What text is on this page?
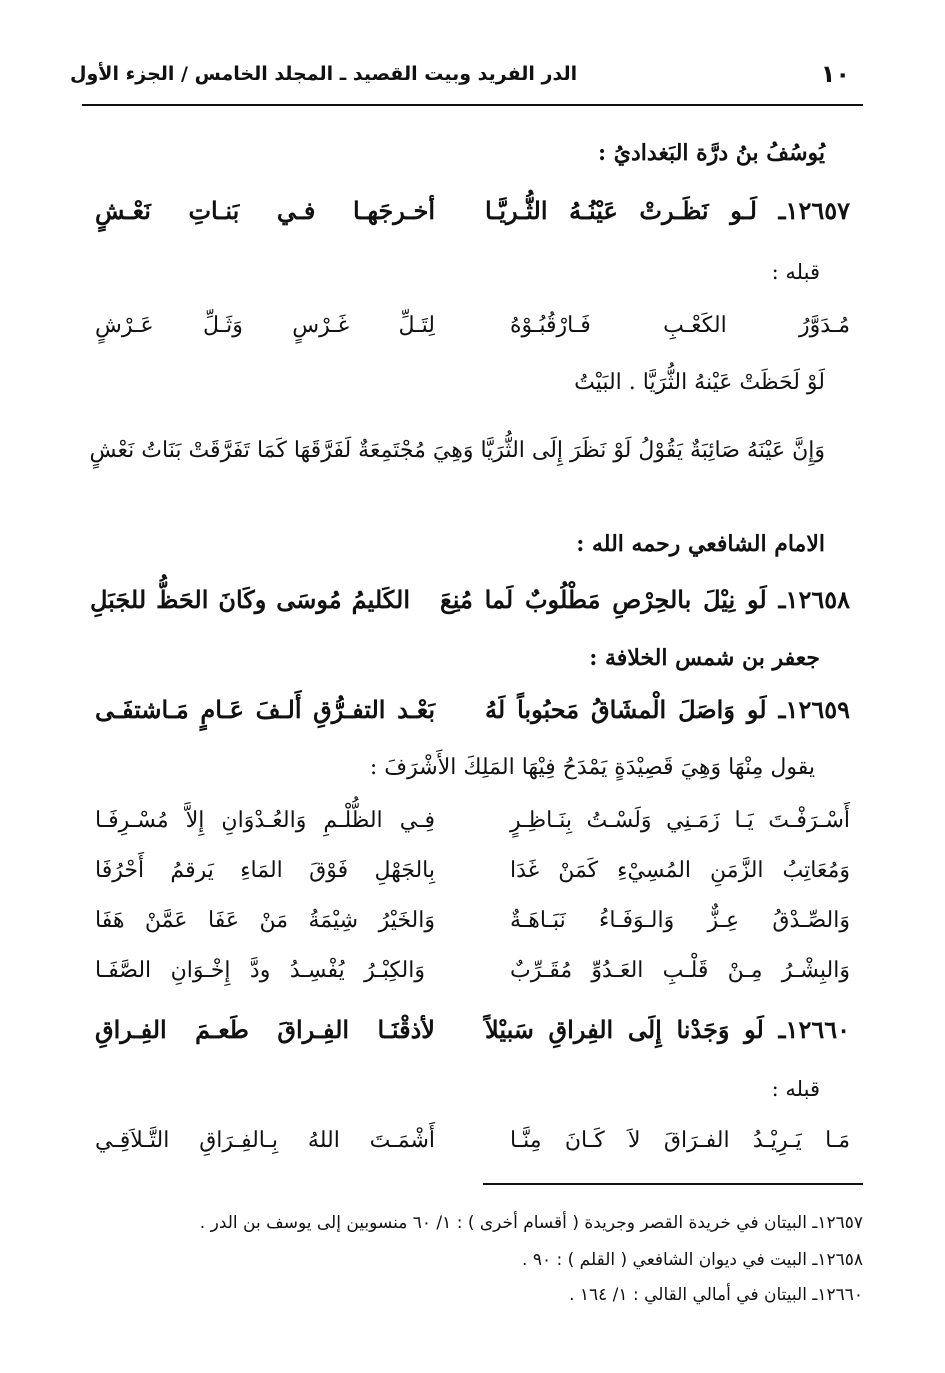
١٠
الدر الفريد وبيت القصيد ـ المجلد الخامس / الجزء الأول
يُوسُفُ بنُ درَّة البَغداديُ :
١٢٦٥٧ـ لَـو نَظَـرتْ عَيْنُـهُ الثُّـريَّـا
أخـرجَهـا فـي بَنـاتِ نَعْـشٍ
قبله :
مُـدَوَّرُ الكَعْـبِ فَـارْقُبُـوْهُ
لِتَـلِّ غَـرْسٍ وَثَـلِّ عَـرْشٍ
لَوْ لَحَظَتْ عَيْنهُ الثُّرَيَّا . البَيْتُ
وَإِنَّ عَيْنَهُ صَائِبَةٌ يَقُوْلُ لَوْ نَظَرَ إِلَى الثُّرَيَّا وَهِيَ مُجْتَمِعَةٌ لَفَرَّقَهَا كَمَا تَفَرَّقَتْ بَنَاتُ نَعْشٍ
الامام الشافعي رحمه الله :
١٢٦٥٨ـ لَو نِيْلَ بالحِرْصِ مَطْلُوبٌ لَما مُنِعَ
الكَليمُ مُوسَى وكَانَ الحَظُّ للجَبَلِ
جعفر بن شمس الخلافة :
١٢٦٥٩ـ لَو وَاصَلَ الْمشَاقُ مَحبُوباً لَهُ
بَعْـد التفـرُّقِ أَلـفَ عَـامٍ مَـاشتفَـى
يقول مِنْهَا وَهِيَ قَصِيْدَةٍ يَمْدَحُ فِيْهَا المَلِكَ الأَشْرَفَ :
أَسْـرَفْـتَ يَـا زَمَـنِي وَلَسْـتُ بِنَـاظِـرٍ
فِـي الظُّلْـمِ وَالعُـدْوَانِ إِلاَّ مُسْـرِفَـا
وَمُعَاتِبُ الزَّمَنِ المُسِيْءِ كَمَنْ غَدَا
بِالجَهْلِ فَوْقَ المَاءِ يَرقمُ أَحْرُفَا
وَالصِّـدْقُ عِـزٌّ وَالـوَفَـاءُ نَبَـاهَـةٌ
وَالخَيْرُ شِيْمَةُ مَنْ عَفَا عَمَّنْ هَفَا
وَالبِشْـرُ مِـنْ قَلْـبِ العَـدُوِّ مُقَـرِّبٌ
وَالكِبْـرُ يُفْسِـدُ ودَّ إِخْـوَانِ الصَّفَـا
١٢٦٦٠ـ لَو وَجَدْنا إِلَى الفِراقِ سَبيْلاً
لأذقْنَـا الفِـراقَ طَعـمَ الفِـراقِ
قبله :
مَـا يَـرِيْـدُ الفـرَاقَ لاَ كَـانَ مِنَّـا
أَشْمَـتَ اللهُ بِـالفِـرَاقِ التَّـلاَقِـي
١٢٦٥٧ـ البيتان في خريدة القصر وجريدة ( أقسام أخرى ) : ١/ ٦٠ منسوبين إلى يوسف بن الدر .
١٢٦٥٨ـ البيت في ديوان الشافعي ( القلم ) : ٩٠ .
١٢٦٦٠ـ البيتان في أمالي القالي : ١/ ١٦٤ .
